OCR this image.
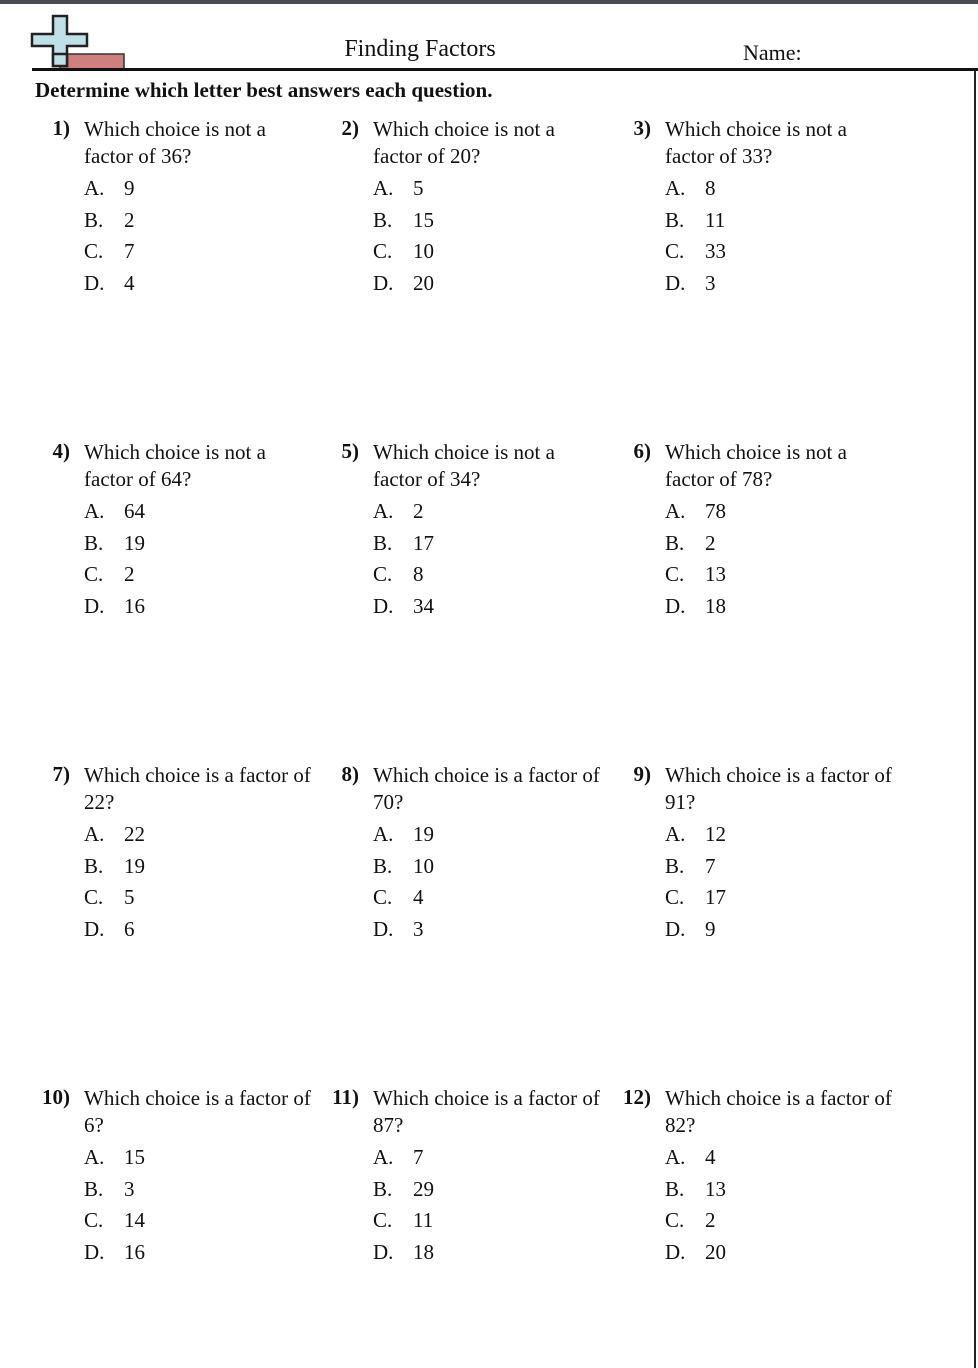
Finding Factors	Name:
Determine which letter best answers each question.
1) Which choice is not a factor of 36?
A. 9
B. 2
C. 7
D. 4
2) Which choice is not a factor of 20?
A. 5
B. 15
C. 10
D. 20
3) Which choice is not a factor of 33?
A. 8
B. 11
C. 33
D. 3
4) Which choice is not a factor of 64?
A. 64
B. 19
C. 2
D. 16
5) Which choice is not a factor of 34?
A. 2
B. 17
C. 8
D. 34
6) Which choice is not a factor of 78?
A. 78
B. 2
C. 13
D. 18
7) Which choice is a factor of 22?
A. 22
B. 19
C. 5
D. 6
8) Which choice is a factor of 70?
A. 19
B. 10
C. 4
D. 3
9) Which choice is a factor of 91?
A. 12
B. 7
C. 17
D. 9
10) Which choice is a factor of 6?
A. 15
B. 3
C. 14
D. 16
11) Which choice is a factor of 87?
A. 7
B. 29
C. 11
D. 18
12) Which choice is a factor of 82?
A. 4
B. 13
C. 2
D. 20
